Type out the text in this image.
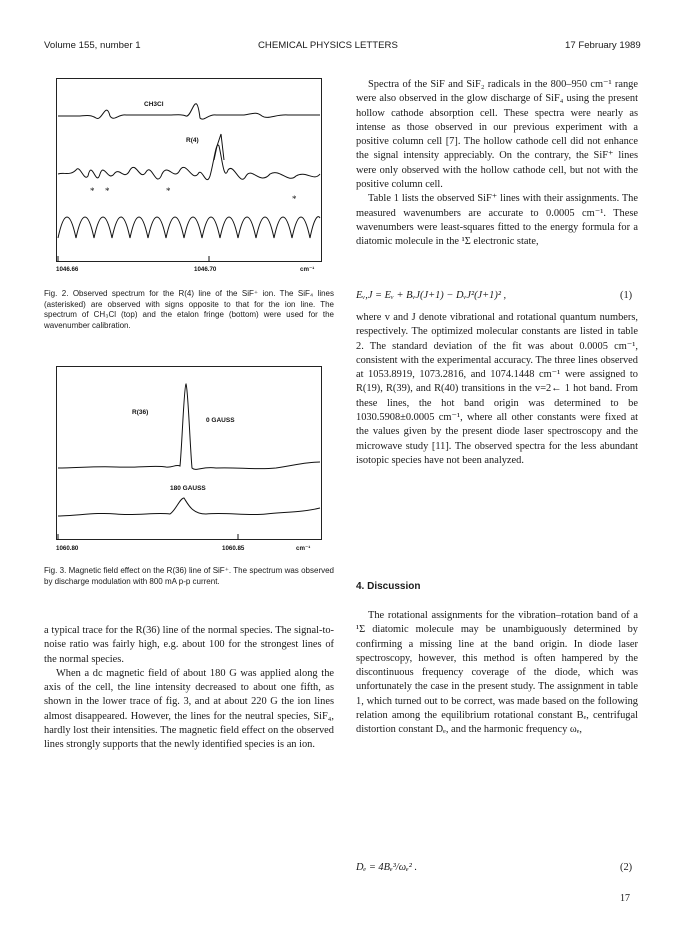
Volume 155, number 1	CHEMICAL PHYSICS LETTERS	17 February 1989
CH3Cl
R(4)
* *	*
*
1046.66	1046.70	cm⁻¹
Fig. 2. Observed spectrum for the R(4) line of the SiF⁺ ion. The SiF₄ lines (asterisked) are observed with signs opposite to that for the ion line. The spectrum of CH₃Cl (top) and the etalon fringe (bottom) were used for the wavenumber calibration.
R(36)
0 GAUSS
180 GAUSS
1060.80	1060.85	cm⁻¹
Fig. 3. Magnetic field effect on the R(36) line of SiF⁺. The spectrum was observed by discharge modulation with 800 mA p-p current.

a typical trace for the R(36) line of the normal species. The signal-to-noise ratio was fairly high, e.g. about 100 for the strongest lines of the normal species.

When a dc magnetic field of about 180 G was applied along the axis of the cell, the line intensity decreased to about one fifth, as shown in the lower trace of fig. 3, and at about 220 G the ion lines almost disappeared. However, the lines for the neutral species, SiF₄, hardly lost their intensities. The magnetic field effect on the observed lines strongly supports that the newly identified species is an ion.

Spectra of the SiF and SiF₂ radicals in the 800–950 cm⁻¹ range were also observed in the glow discharge of SiF₄ using the present hollow cathode absorption cell. These spectra were nearly as intense as those observed in our previous experiment with a positive column cell [7]. The hollow cathode cell did not enhance the signal intensity appreciably. On the contrary, the SiF⁺ lines were only observed with the hollow cathode cell, but not with the positive column cell.

Table 1 lists the observed SiF⁺ lines with their assignments. The measured wavenumbers are accurate to 0.0005 cm⁻¹. These wavenumbers were least-squares fitted to the energy formula for a diatomic molecule in the ¹Σ electronic state,

Eᵥ,J = Eᵥ + BᵥJ(J+1) − DᵥJ²(J+1)² ,	(1)

where v and J denote vibrational and rotational quantum numbers, respectively. The optimized molecular constants are listed in table 2. The standard deviation of the fit was about 0.0005 cm⁻¹, consistent with the experimental accuracy. The three lines observed at 1053.8919, 1073.2816, and 1074.1448 cm⁻¹ were assigned to R(19), R(39), and R(40) transitions in the v=2← 1 hot band. From these lines, the hot band origin was determined to be 1030.5908±0.0005 cm⁻¹, where all other constants were fixed at the values given by the present diode laser spectroscopy and the microwave study [11]. The observed spectra for the less abundant isotopic species have not been analyzed.

4. Discussion

The rotational assignments for the vibration–rotation band of a ¹Σ diatomic molecule may be unambiguously determined by confirming a missing line at the band origin. In diode laser spectroscopy, however, this method is often hampered by the discontinuous frequency coverage of the diode, which was unfortunately the case in the present study. The assignment in table 1, which turned out to be correct, was made based on the following relation among the equilibrium rotational constant Bₑ, centrifugal distortion constant Dₑ, and the harmonic frequency ωₑ,

Dₑ = 4Bₑ³/ωₑ² .	(2)
17
